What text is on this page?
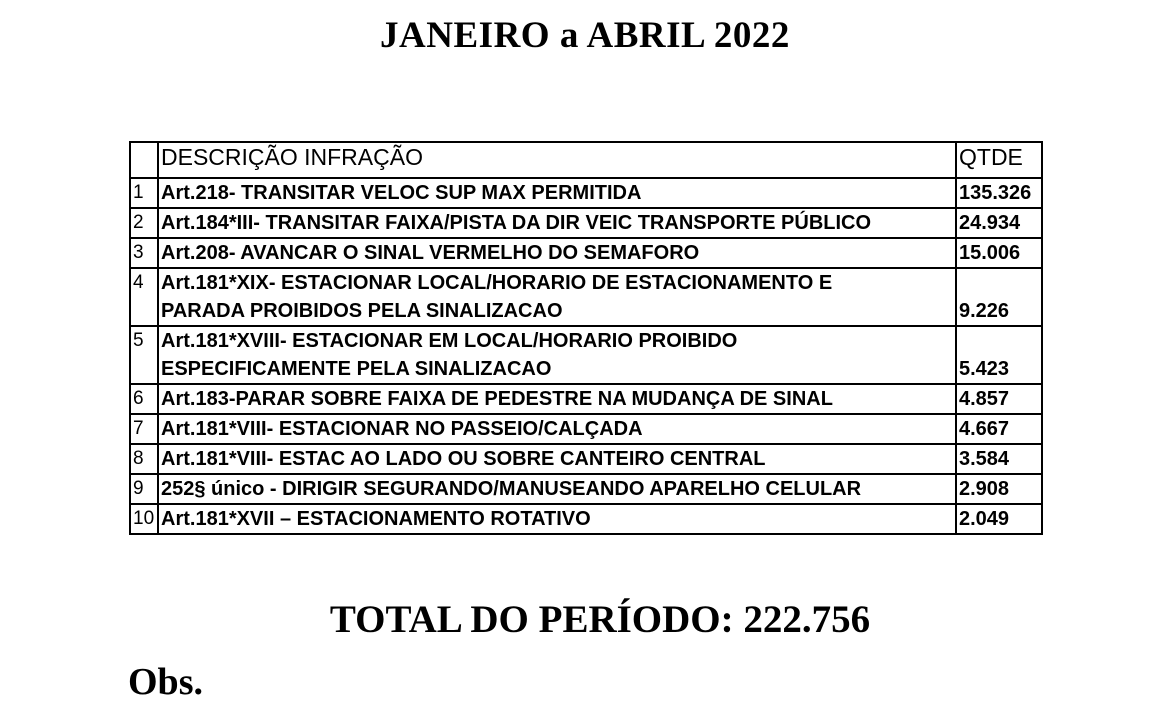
JANEIRO a ABRIL 2022
	DESCRIÇÃO INFRAÇÃO	QTDE
1	Art.218- TRANSITAR VELOC SUP MAX PERMITIDA	135.326
2	Art.184*III- TRANSITAR FAIXA/PISTA DA DIR VEIC TRANSPORTE PÚBLICO	24.934
3	Art.208- AVANCAR O SINAL VERMELHO DO SEMAFORO	15.006
4	Art.181*XIX- ESTACIONAR LOCAL/HORARIO DE ESTACIONAMENTO E
PARADA PROIBIDOS PELA SINALIZACAO	9.226
5	Art.181*XVIII- ESTACIONAR EM LOCAL/HORARIO PROIBIDO
ESPECIFICAMENTE PELA SINALIZACAO	5.423
6	Art.183-PARAR SOBRE FAIXA DE PEDESTRE NA MUDANÇA DE SINAL	4.857
7	Art.181*VIII- ESTACIONAR NO PASSEIO/CALÇADA	4.667
8	Art.181*VIII- ESTAC AO LADO OU SOBRE CANTEIRO CENTRAL	3.584
9	252§ único - DIRIGIR SEGURANDO/MANUSEANDO APARELHO CELULAR	2.908
10	Art.181*XVII – ESTACIONAMENTO ROTATIVO	2.049
TOTAL DO PERÍODO: 222.756
Obs.
